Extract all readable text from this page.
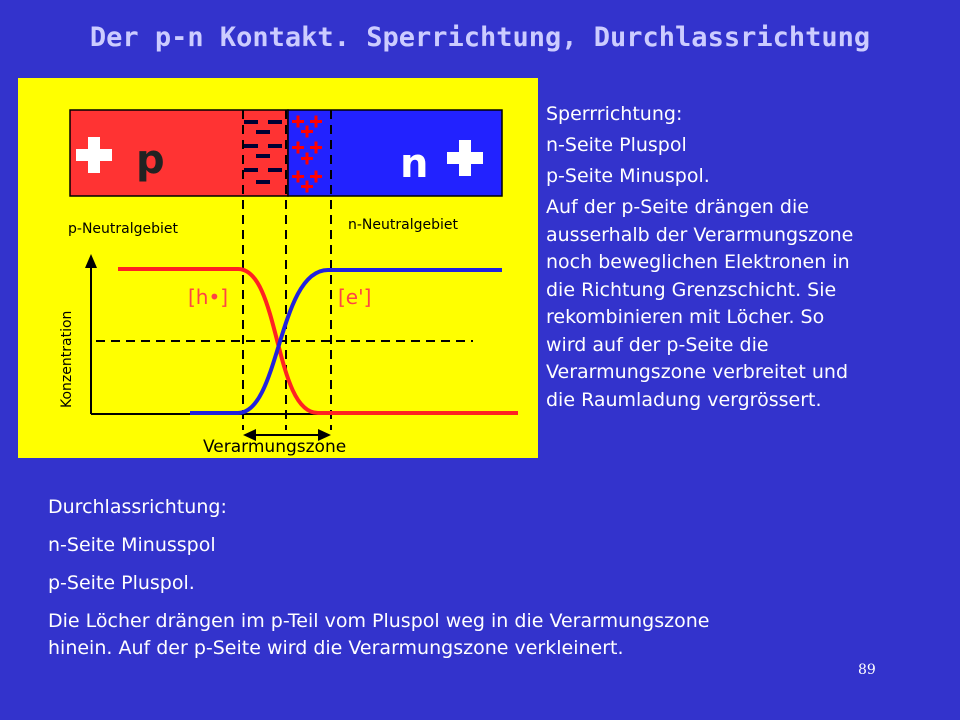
Der p-n Kontakt. Sperrichtung, Durchlassrichtung
p	n
p-Neutralgebiet	n-Neutralgebiet
Konzentration
[h•]	[e']
Verarmungszone
Sperrrichtung:
n-Seite Pluspol
p-Seite Minuspol.
Auf der p-Seite drängen die
ausserhalb der Verarmungszone
noch beweglichen Elektronen in
die Richtung Grenzschicht. Sie
rekombinieren mit Löcher. So
wird auf der p-Seite die
Verarmungszone verbreitet und
die Raumladung vergrössert.
Durchlassrichtung:
n-Seite Minusspol
p-Seite Pluspol.
Die Löcher drängen im p-Teil vom Pluspol weg in die Verarmungszone
hinein. Auf der p-Seite wird die Verarmungszone verkleinert.
89
